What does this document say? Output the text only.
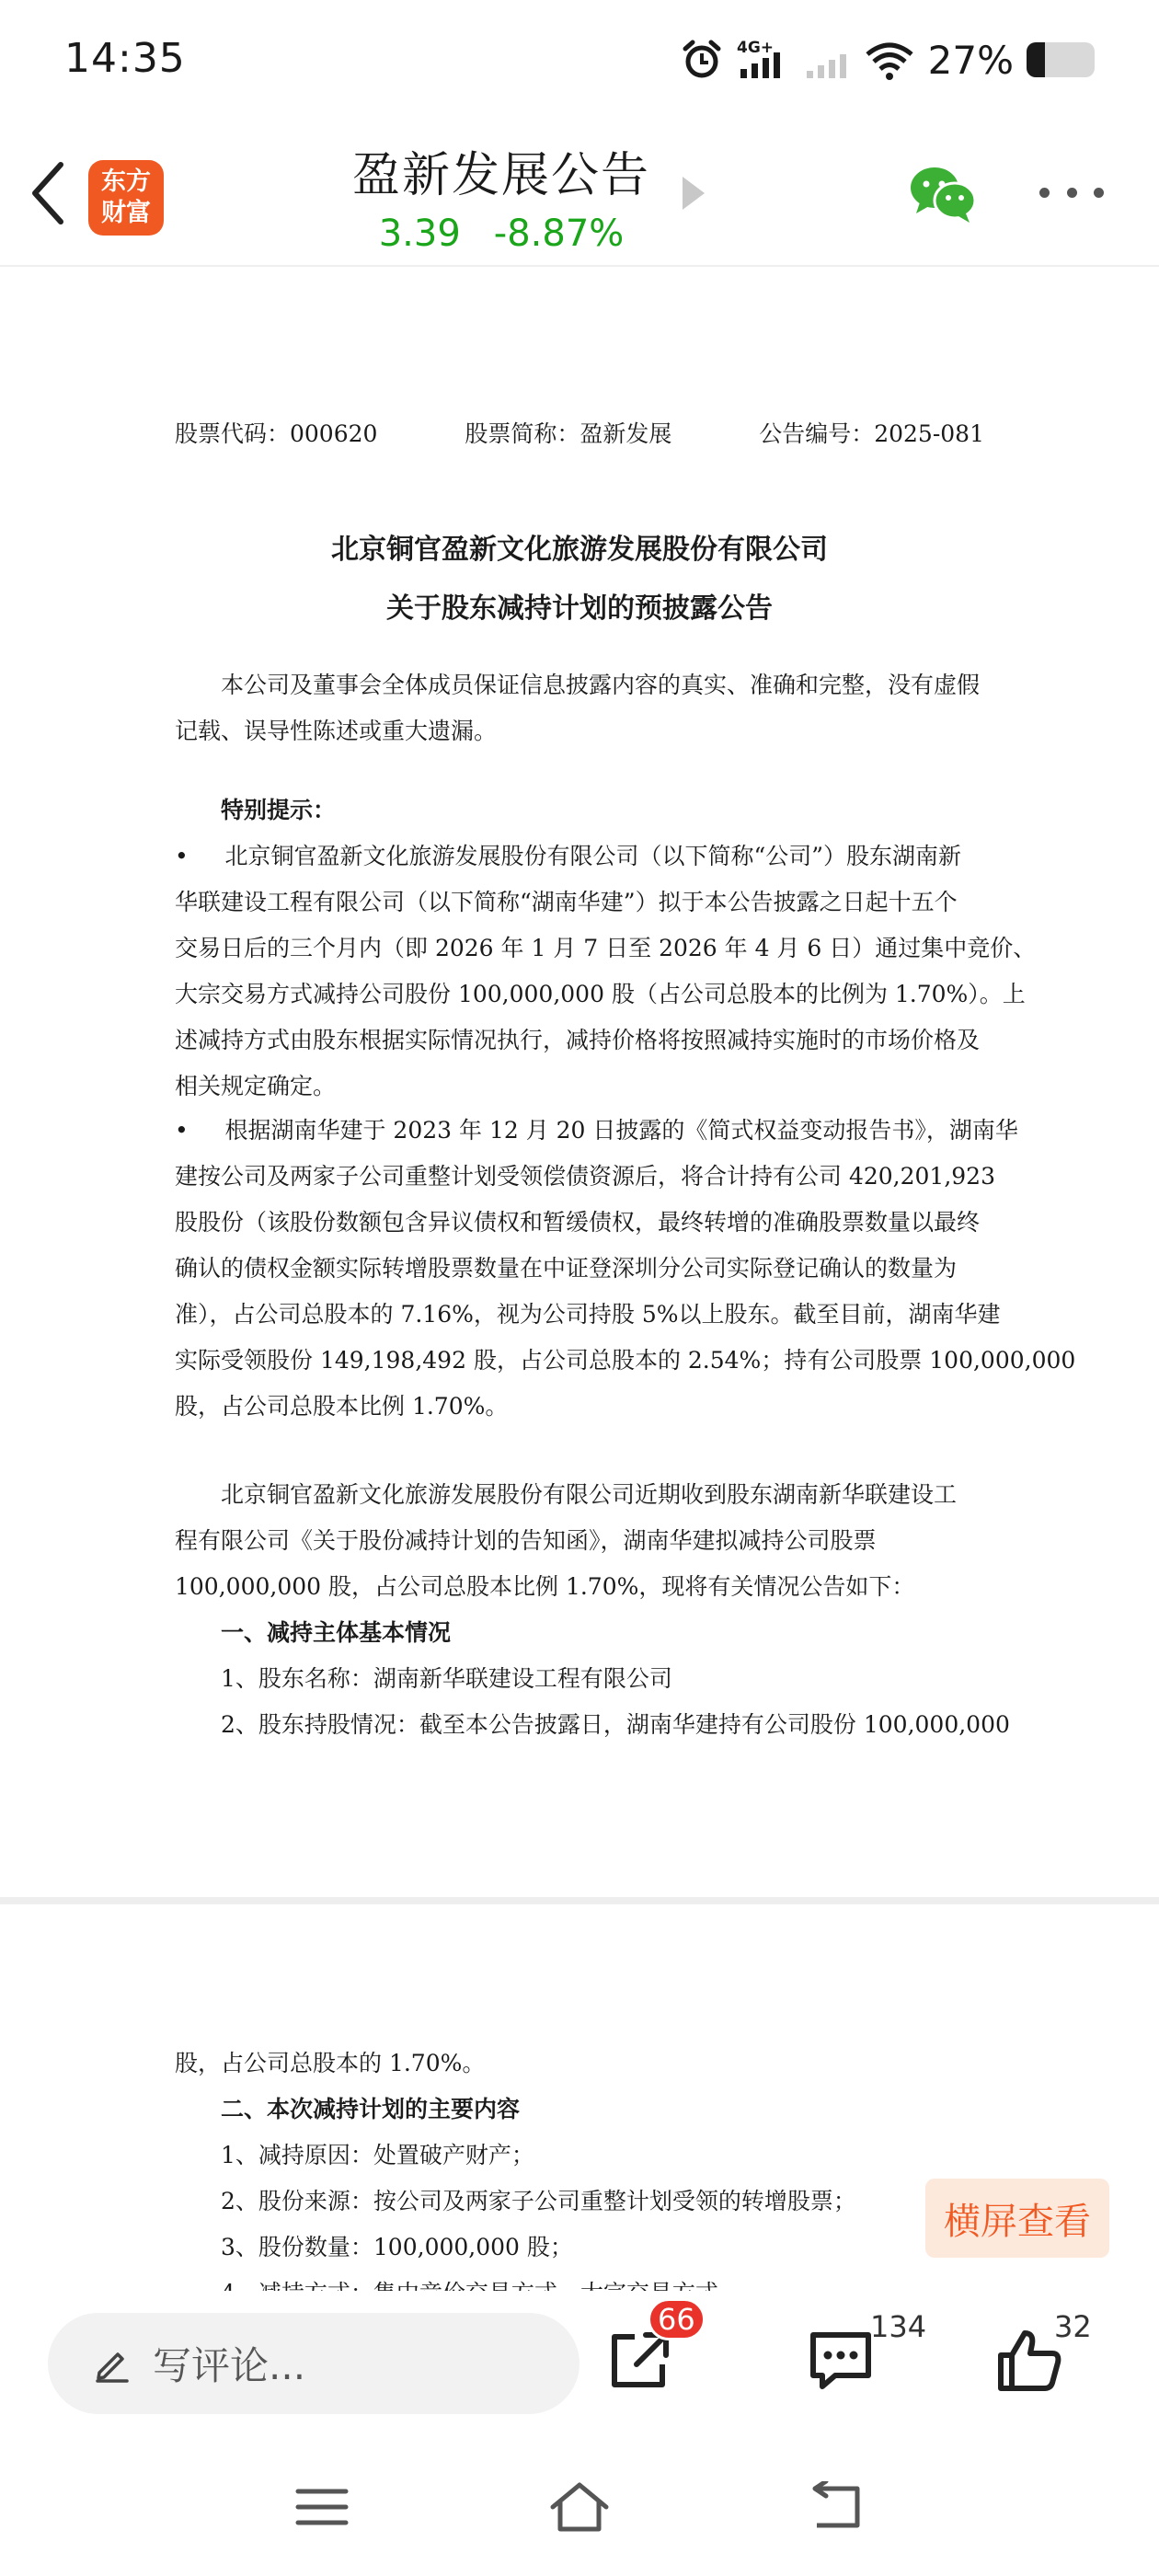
14:35	4G+	27%
东方
财富
盈新发展公告
3.39 -8.87%
股票代码：000620	股票简称：盈新发展	公告编号：2025-081
北京铜官盈新文化旅游发展股份有限公司
关于股东减持计划的预披露公告
本公司及董事会全体成员保证信息披露内容的真实、准确和完整，没有虚假
记载、误导性陈述或重大遗漏。
特别提示：
• 北京铜官盈新文化旅游发展股份有限公司（以下简称“公司”）股东湖南新
华联建设工程有限公司（以下简称“湖南华建”）拟于本公告披露之日起十五个
交易日后的三个月内（即 2026 年 1 月 7 日至 2026 年 4 月 6 日）通过集中竞价、
大宗交易方式减持公司股份 100,000,000 股（占公司总股本的比例为 1.70%）。上
述减持方式由股东根据实际情况执行，减持价格将按照减持实施时的市场价格及
相关规定确定。
• 根据湖南华建于 2023 年 12 月 20 日披露的《简式权益变动报告书》，湖南华
建按公司及两家子公司重整计划受领偿债资源后，将合计持有公司 420,201,923
股股份（该股份数额包含异议债权和暂缓债权，最终转增的准确股票数量以最终
确认的债权金额实际转增股票数量在中证登深圳分公司实际登记确认的数量为
准），占公司总股本的 7.16%，视为公司持股 5%以上股东。截至目前，湖南华建
实际受领股份 149,198,492 股，占公司总股本的 2.54%；持有公司股票 100,000,000
股，占公司总股本比例 1.70%。
北京铜官盈新文化旅游发展股份有限公司近期收到股东湖南新华联建设工
程有限公司《关于股份减持计划的告知函》，湖南华建拟减持公司股票
100,000,000 股，占公司总股本比例 1.70%，现将有关情况公告如下：
一、减持主体基本情况
1、股东名称：湖南新华联建设工程有限公司
2、股东持股情况：截至本公告披露日，湖南华建持有公司股份 100,000,000
股，占公司总股本的 1.70%。
二、本次减持计划的主要内容
1、减持原因：处置破产财产；
2、股份来源：按公司及两家子公司重整计划受领的转增股票；
3、股份数量：100,000,000 股；
横屏查看
写评论...
66	134	32
